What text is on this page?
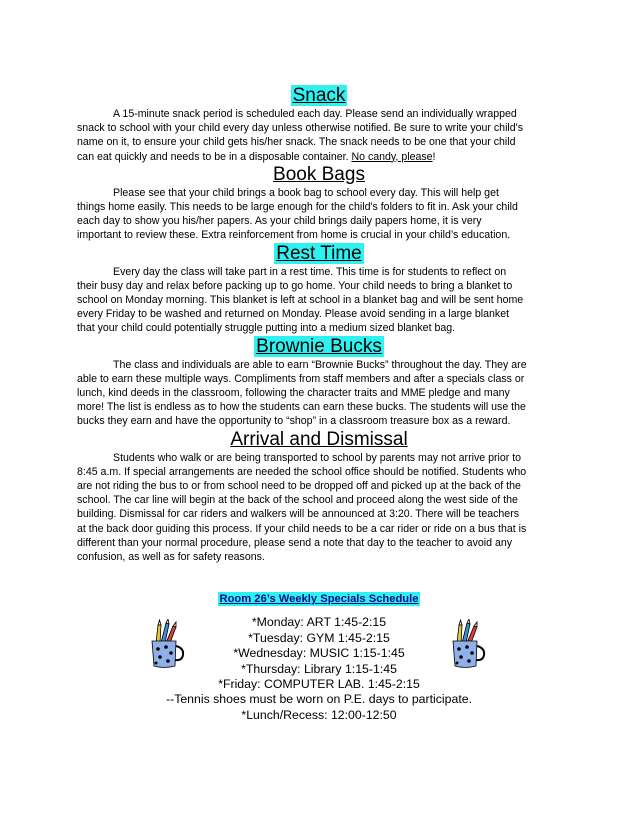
Snack
A 15-minute snack period is scheduled each day. Please send an individually wrapped
snack to school with your child every day unless otherwise notified. Be sure to write your child's
name on it, to ensure your child gets his/her snack. The snack needs to be one that your child
can eat quickly and needs to be in a disposable container. No candy, please!
Book Bags
Please see that your child brings a book bag to school every day. This will help get
things home easily. This needs to be large enough for the child's folders to fit in. Ask your child
each day to show you his/her papers. As your child brings daily papers home, it is very
important to review these. Extra reinforcement from home is crucial in your child’s education.
Rest Time
Every day the class will take part in a rest time. This time is for students to reflect on
their busy day and relax before packing up to go home. Your child needs to bring a blanket to
school on Monday morning. This blanket is left at school in a blanket bag and will be sent home
every Friday to be washed and returned on Monday. Please avoid sending in a large blanket
that your child could potentially struggle putting into a medium sized blanket bag.
Brownie Bucks
The class and individuals are able to earn “Brownie Bucks” throughout the day. They are
able to earn these multiple ways. Compliments from staff members and after a specials class or
lunch, kind deeds in the classroom, following the character traits and MME pledge and many
more! The list is endless as to how the students can earn these bucks. The students will use the
bucks they earn and have the opportunity to “shop” in a classroom treasure box as a reward.
Arrival and Dismissal
Students who walk or are being transported to school by parents may not arrive prior to
8:45 a.m. If special arrangements are needed the school office should be notified. Students who
are not riding the bus to or from school need to be dropped off and picked up at the back of the
school. The car line will begin at the back of the school and proceed along the west side of the
building. Dismissal for car riders and walkers will be announced at 3:20. There will be teachers
at the back door guiding this process. If your child needs to be a car rider or ride on a bus that is
different than your normal procedure, please send a note that day to the teacher to avoid any
confusion, as well as for safety reasons.
Room 26’s Weekly Specials Schedule
*Monday: ART 1:45-2:15
*Tuesday: GYM 1:45-2:15
*Wednesday: MUSIC 1:15-1:45
*Thursday: Library 1:15-1:45
*Friday: COMPUTER LAB. 1:45-2:15
--Tennis shoes must be worn on P.E. days to participate.
*Lunch/Recess: 12:00-12:50
